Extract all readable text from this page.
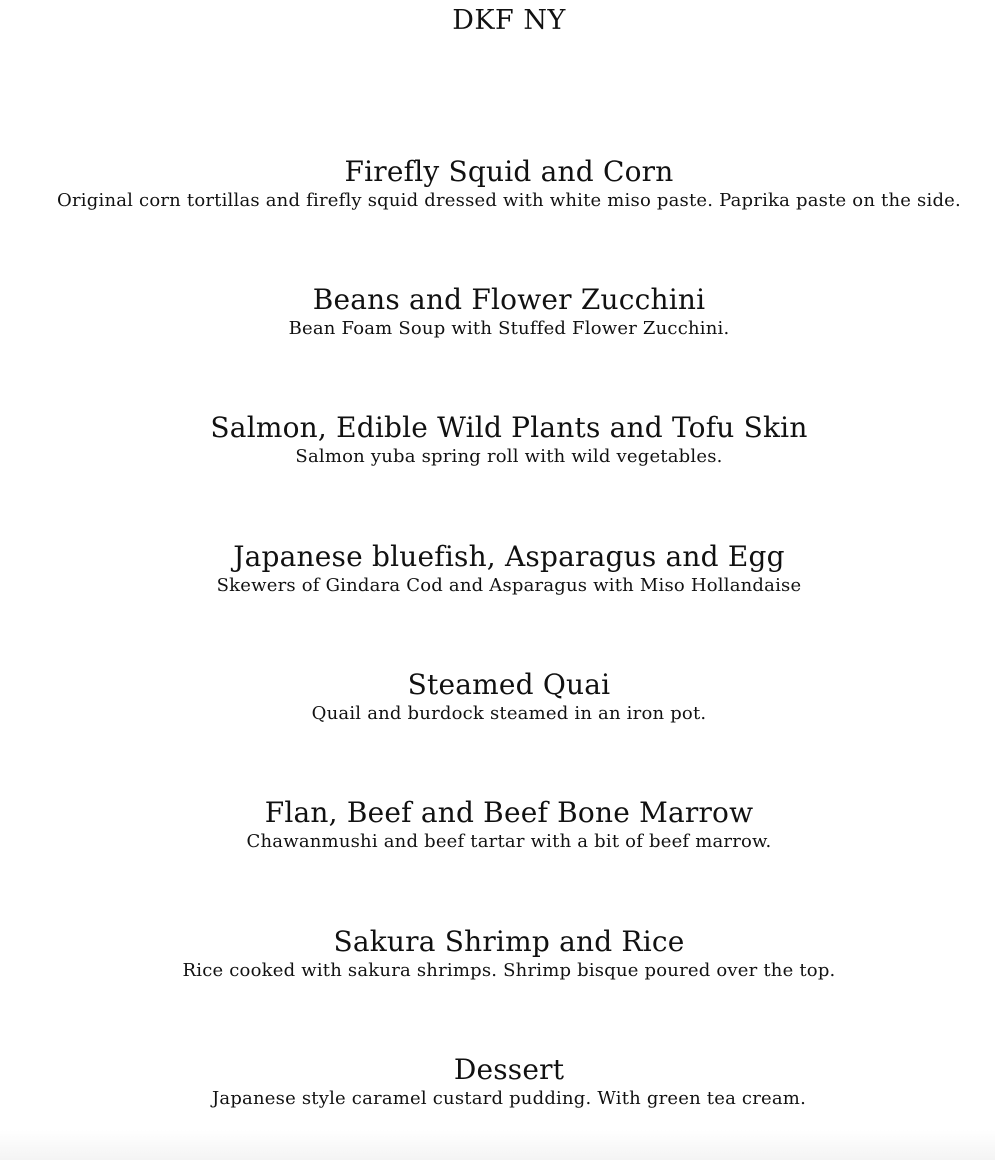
DKF NY
Firefly Squid and Corn

Original corn tortillas and firefly squid dressed with white miso paste. Paprika paste on the side.

Beans and Flower Zucchini

Bean Foam Soup with Stuffed Flower Zucchini.

Salmon, Edible Wild Plants and Tofu Skin

Salmon yuba spring roll with wild vegetables.

Japanese bluefish, Asparagus and Egg

Skewers of Gindara Cod and Asparagus with Miso Hollandaise

Steamed Quai

Quail and burdock steamed in an iron pot.

Flan, Beef and Beef Bone Marrow

Chawanmushi and beef tartar with a bit of beef marrow.

Sakura Shrimp and Rice

Rice cooked with sakura shrimps. Shrimp bisque poured over the top.

Dessert

Japanese style caramel custard pudding. With green tea cream.
